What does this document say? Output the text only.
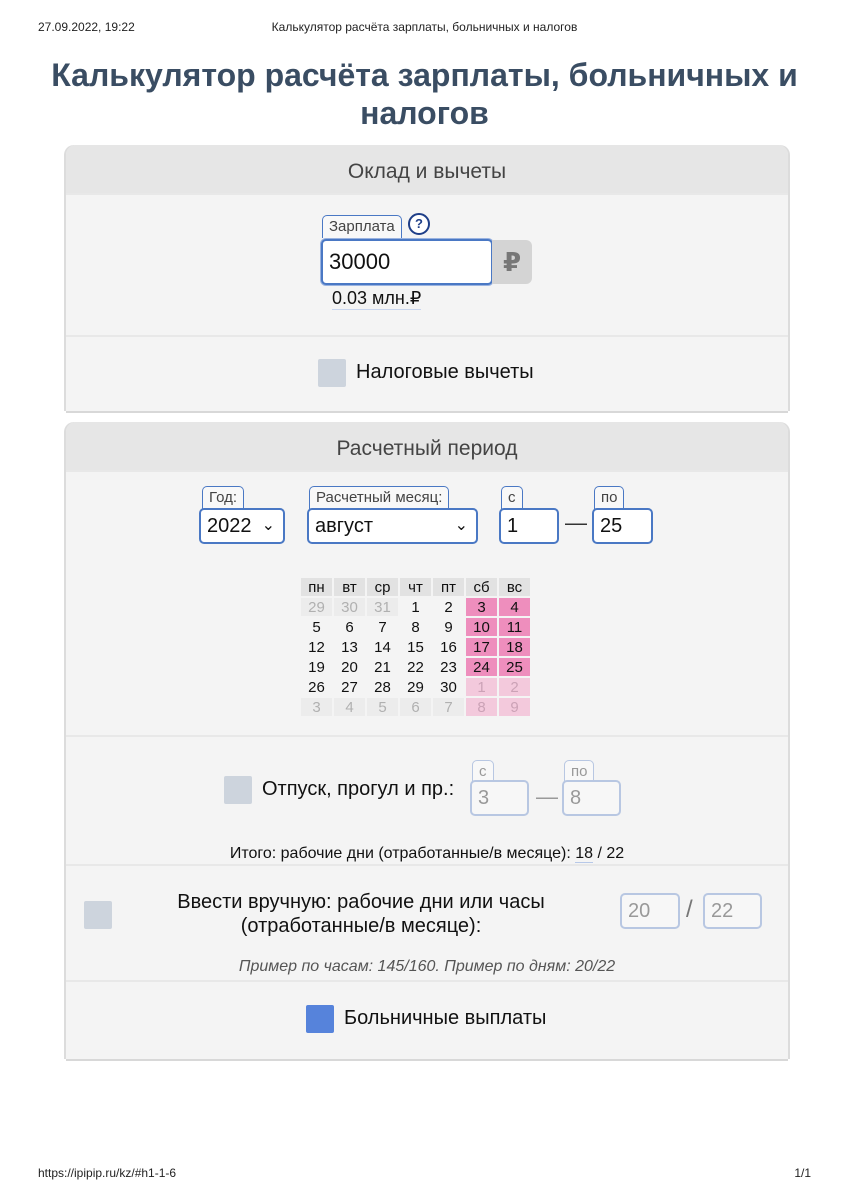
27.09.2022, 19:22	Калькулятор расчёта зарплаты, больничных и налогов
Калькулятор расчёта зарплаты, больничных и налогов
Оклад и вычеты
Зарплата	?
30000	₽
0.03 млн.₽
Налоговые вычеты
Расчетный период
Год:
2022 ⌄
Расчетный месяц:
август	⌄
с
1	—
по
25
Отпуск, прогул и пр.:
с
3	—
по
8
Итого: рабочие дни (отработанные/в месяце): 18 / 22
Ввести вручную: рабочие дни или часы
(отработанные/в месяце):
20	/ 22
Пример по часам: 145/160. Пример по дням: 20/22
Больничные выплаты
пн	вт	ср	чт	пт	сб	вс
29	30	31	1	2	3	4
5	6	7	8	9	10	11
12	13	14	15	16	17	18
19	20	21	22	23	24	25
26	27	28	29	30	1	2
3	4	5	6	7	8	9
https://ipipip.ru/kz/#h1-1-6	1/1
